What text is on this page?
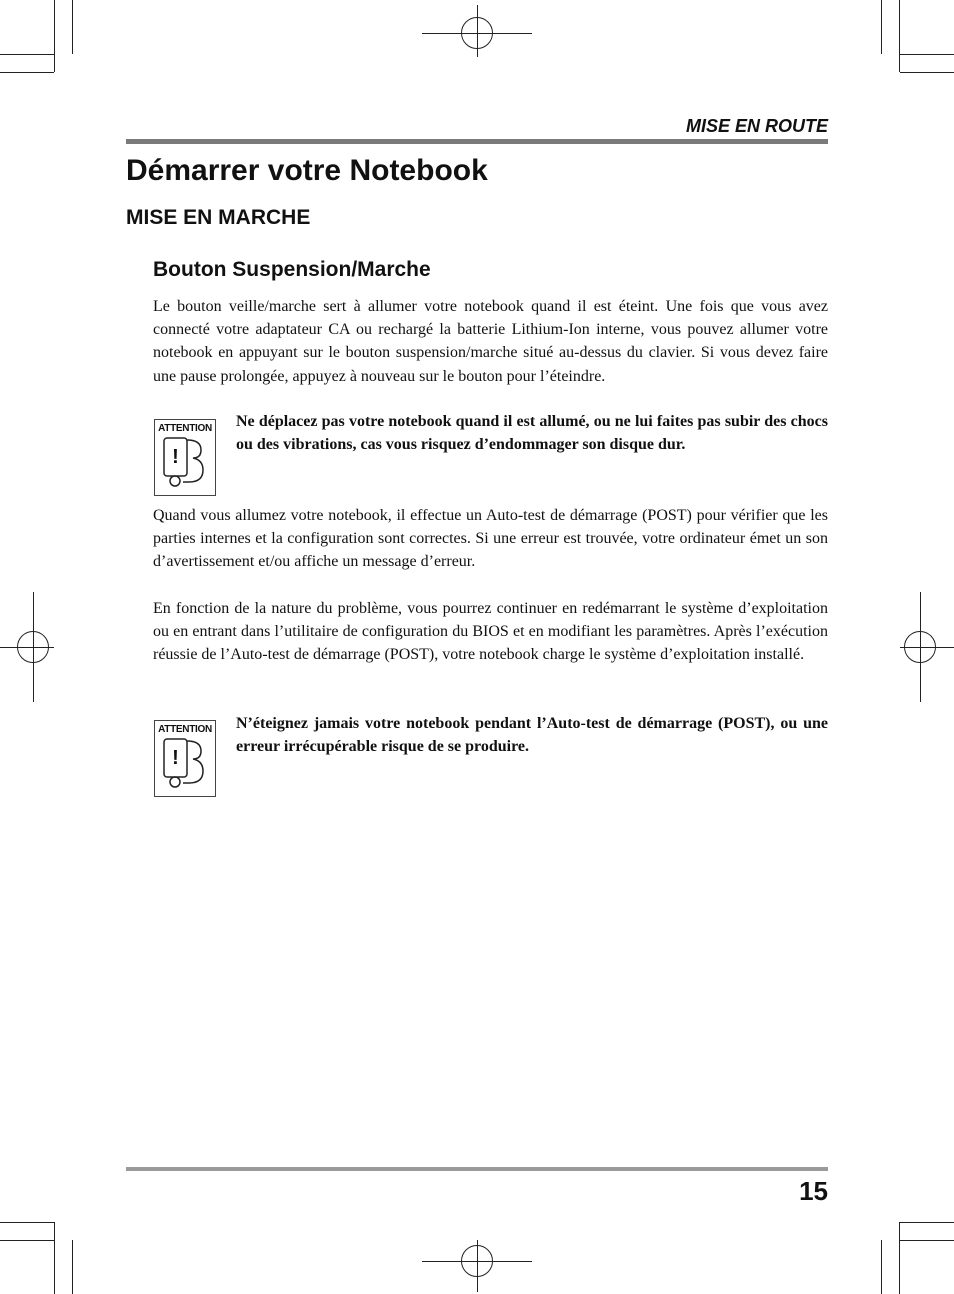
MISE EN ROUTE
Démarrer votre Notebook
MISE EN MARCHE
Bouton Suspension/Marche

Le bouton veille/marche sert à allumer votre notebook quand il est éteint. Une fois que vous avez connecté votre adaptateur CA ou rechargé la batterie Lithium-Ion interne, vous pouvez allumer votre notebook en appuyant sur le bouton suspension/marche situé au-dessus du clavier. Si vous devez faire une pause prolongée, appuyez à nouveau sur le bouton pour l’éteindre.

ATTENTION
!

Ne déplacez pas votre notebook quand il est allumé, ou ne lui faites pas subir des chocs ou des vibrations, cas vous risquez d’endommager son disque dur.

Quand vous allumez votre notebook, il effectue un Auto-test de démarrage (POST) pour vérifier que les parties internes et la configuration sont correctes. Si une erreur est trouvée, votre ordinateur émet un son d’avertissement et/ou affiche un message d’erreur.

En fonction de la nature du problème, vous pourrez continuer en redémarrant le système d’exploitation ou en entrant dans l’utilitaire de configuration du BIOS et en modifiant les paramètres. Après l’exécution réussie de l’Auto-test de démarrage (POST), votre notebook charge le système d’exploitation installé.

ATTENTION
!

N’éteignez jamais votre notebook pendant l’Auto-test de démarrage (POST), ou une erreur irrécupérable risque de se produire.

15
